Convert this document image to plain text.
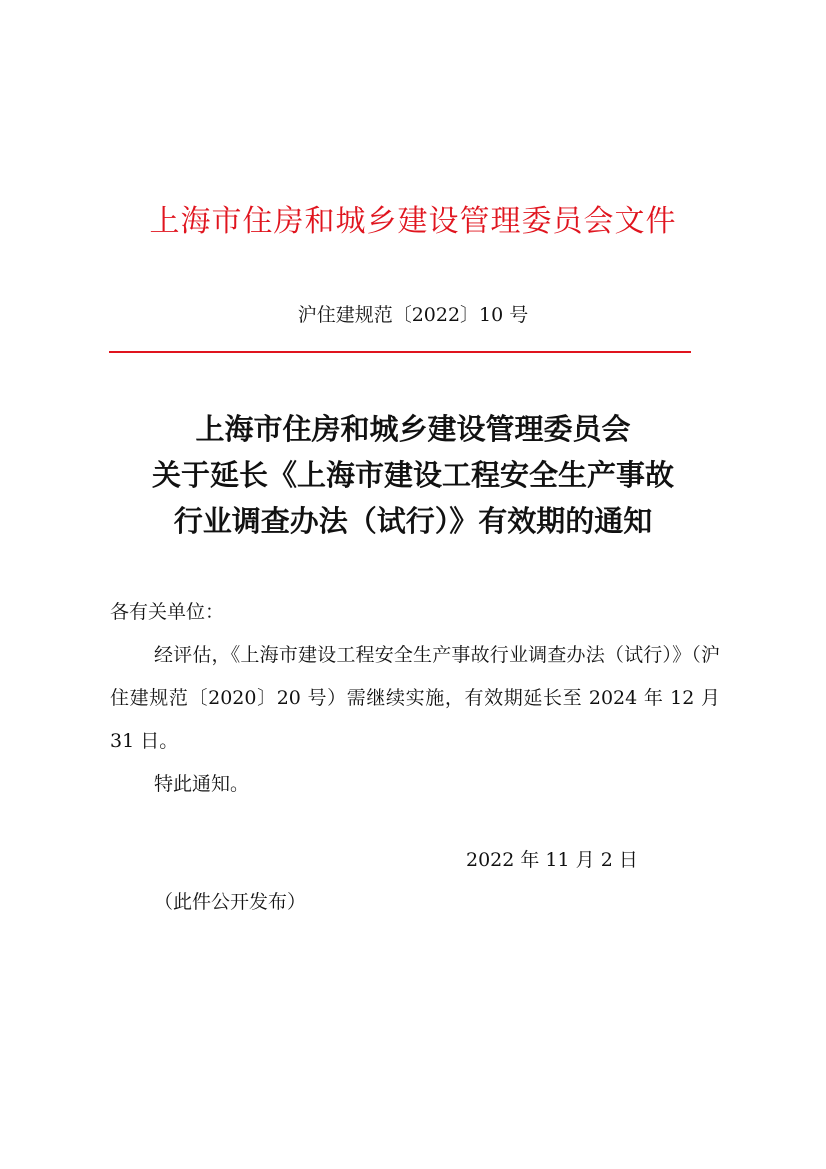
上海市住房和城乡建设管理委员会文件
沪住建规范〔2022〕10 号
上海市住房和城乡建设管理委员会
关于延长《上海市建设工程安全生产事故
行业调查办法（试行）》有效期的通知

各有关单位：

经评估，《上海市建设工程安全生产事故行业调查办法（试行）》（沪住建规范〔2020〕20 号）需继续实施，有效期延长至 2024 年 12 月 31 日。

特此通知。

2022 年 11 月 2 日
（此件公开发布）
